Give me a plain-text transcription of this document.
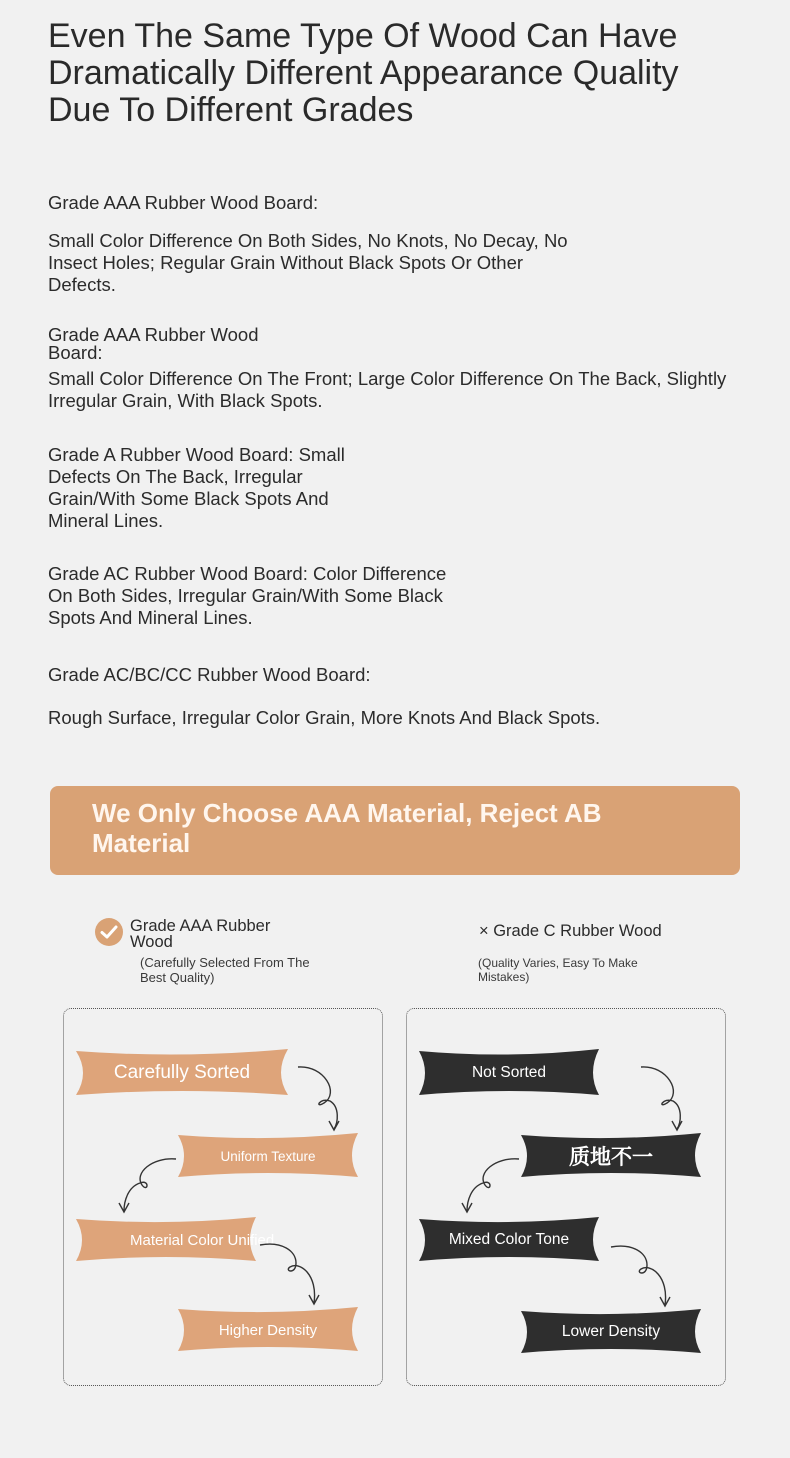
Even The Same Type Of Wood Can Have Dramatically Different Appearance Quality Due To Different Grades
Grade AAA Rubber Wood Board:
Small Color Difference On Both Sides, No Knots, No Decay, No Insect Holes; Regular Grain Without Black Spots Or Other Defects.
Grade AAA Rubber Wood Board:
Small Color Difference On The Front; Large Color Difference On The Back, Slightly Irregular Grain, With Black Spots.
Grade A Rubber Wood Board: Small Defects On The Back, Irregular Grain/With Some Black Spots And Mineral Lines.
Grade AC Rubber Wood Board: Color Difference On Both Sides, Irregular Grain/With Some Black Spots And Mineral Lines.
Grade AC/BC/CC Rubber Wood Board:
Rough Surface, Irregular Color Grain, More Knots And Black Spots.
We Only Choose AAA Material, Reject AB Material
Grade AAA Rubber Wood
(Carefully Selected From The Best Quality)
× Grade C Rubber Wood
(Quality Varies, Easy To Make Mistakes)
Carefully Sorted
Uniform Texture
Material Color Unified
Higher Density
Not Sorted
质地不一
Mixed Color Tone
Lower Density
